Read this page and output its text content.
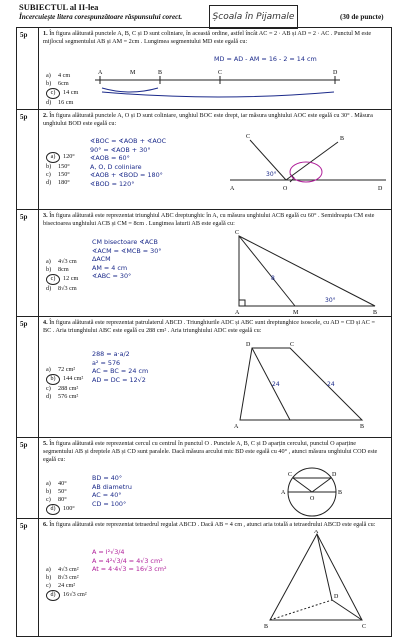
SUBIECTUL al II-lea
Încercuiește litera corespunzătoare răspunsului corect.	Școala în Pijamale	(30 de puncte)
5p	1. În figura alăturată punctele A, B, C și D sunt coliniare, în această ordine, astfel încât AC = 2 · AB și AD = 2 · AC . Punctul M este mijlocul segmentului AB și AM = 2cm . Lungimea segmentului MD este egală cu:
MD = AD - AM = 16 - 2 = 14 cm
a) 4 cm
b) 6cm
c) 14 cm
d) 16 cm
A	M	B	C	D
5p	2. În figura alăturată punctele A, O și D sunt coliniare, unghiul BOC este drept, iar măsura unghiului AOC este egală cu 30° . Măsura unghiului BOD este egală cu:
a) 120°
b) 150°
c) 150°
d) 180°
∢BOC = ∢AOB + ∢AOC
90° = ∢AOB + 30°
∢AOB = 60°
A, O, D coliniare
∢AOB + ∢BOD = 180°
∢BOD = 120°
A	O	D
C	B
30°
5p	3. În figura alăturată este reprezentat triunghiul ABC dreptunghic în A, cu măsura unghiului ACB egală cu 60° . Semidreapta CM este bisectoarea unghiului ACB și CM = 8cm . Lungimea laturii AB este egală cu:
a) 4√3 cm
b) 8cm
c) 12 cm
d) 8√3 cm
CM bisectoare ∢ACB
∢ACM = ∢MCB = 30°
ΔACM
AM = 4 cm
∢ABC = 30°
A	M	B
C
30°
8
5p	4. În figura alăturată este reprezentat patrulaterul ABCD . Triunghiurile ADC și ABC sunt dreptunghice isoscele, cu AD = CD și AC = BC . Aria triunghiului ABC este egală cu 288 cm² . Aria triunghiului ADC este egală cu:
a) 72 cm²
b) 144 cm²
c) 288 cm²
d) 576 cm²
288 = a·a/2
a² = 576
AC = BC = 24 cm
AD = DC = 12√2
D	C
A	B
24	24
5p	5. În figura alăturată este reprezentat cercul cu centrul în punctul O . Punctele A, B, C și D aparțin cercului, punctul O aparține segmentului AB și dreptele AB și CD sunt paralele. Dacă măsura arcului mic BD este egală cu 40° , atunci măsura unghiului COD este egală cu:
a) 40°
b) 50°
c) 80°
d) 100°
BD = 40°
AB diametru
AC = 40°
CD = 100°
A	B
C	D
O
5p	6. În figura alăturată este reprezentat tetraedrul regulat ABCD . Dacă AB = 4 cm , atunci aria totală a tetraedrului ABCD este egală cu:
a) 4√3 cm²
b) 8√3 cm²
c) 24 cm²
d) 16√3 cm²
A = l²√3/4
A = 4²√3/4 = 4√3 cm²
At = 4·4√3 = 16√3 cm²
A
B	C
D
